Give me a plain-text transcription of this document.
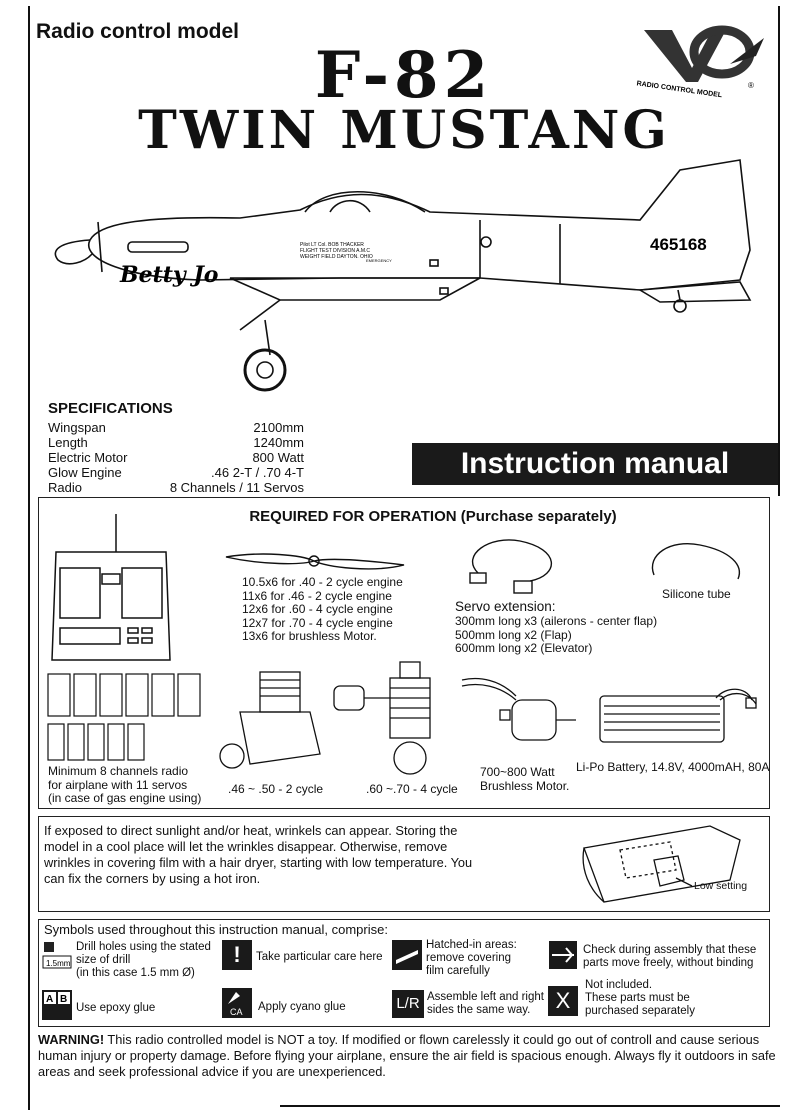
Radio control model
F-82
TWIN MUSTANG
RADIO CONTROL MODEL	®
465168
Betty Jo
Pilot LT Col. BOB THACKER
FLIGHT TEST DIVISION A.M.C
WEIGHT FIELD DAYTON. OHIO
EMERGENCY
SPECIFICATIONS
Wingspan	2100mm
Length	1240mm
Electric Motor	800 Watt
Glow Engine	.46 2-T / .70 4-T
Radio	8 Channels / 11 Servos
Instruction manual
REQUIRED FOR OPERATION (Purchase separately)
10.5x6 for .40 - 2 cycle engine
11x6 for .46 - 2 cycle engine
12x6 for .60 - 4 cycle engine
12x7 for .70 - 4 cycle engine
13x6 for brushless Motor.
Servo extension:
300mm long x3 (ailerons - center flap)
500mm long x2 (Flap)
600mm long x2 (Elevator)
Silicone tube
Minimum 8 channels radio
for airplane with 11 servos
(in case of gas engine using)
.46 ~ .50 - 2 cycle	.60 ~.70 - 4 cycle
700~800 Watt
Brushless Motor.
Li-Po Battery, 14.8V, 4000mAH, 80A
If exposed to direct sunlight and/or heat, wrinkels can appear. Storing the model in a cool place will let the wrinkles disappear. Otherwise, remove wrinkles in covering film with a hair dryer, starting with low temperature. You can fix the corners by using a hot iron.	Low setting
Symbols used throughout this instruction manual, comprise:
1.5mm
Drill holes using the stated
size of drill
(in this case 1.5 mm Ø)
!	Take particular care here
Hatched-in areas:
remove covering
film carefully
Check during assembly that these
parts move freely, without binding
A B
Use epoxy glue	CA Apply cyano glue	L/R Assemble left and right
sides the same way.	X
Not included.
These parts must be
purchased separately
WARNING! This radio controlled model is NOT a toy. If modified or flown carelessly it could go out of controll and cause serious human injury or property damage. Before flying your airplane, ensure the air field is spacious enough. Always fly it outdoors in safe areas and seek professional advice if you are unexperienced.
